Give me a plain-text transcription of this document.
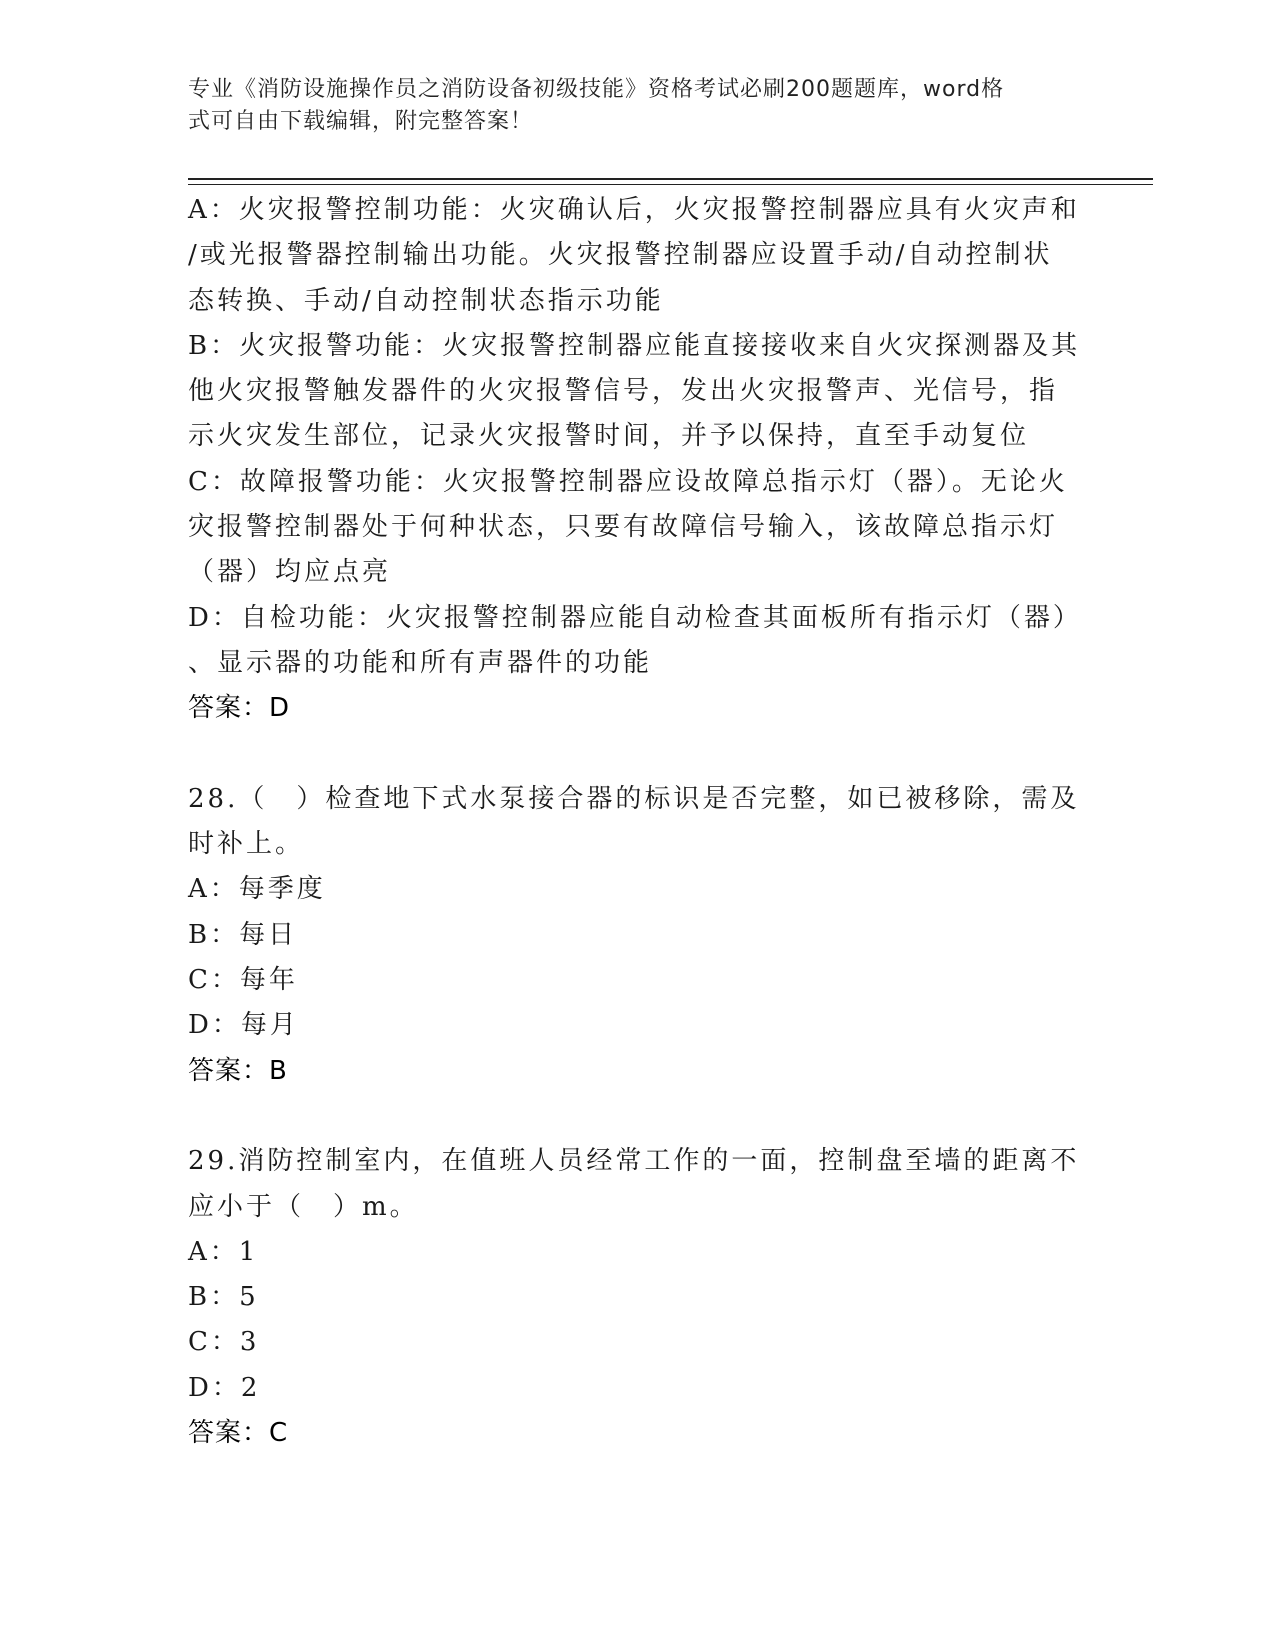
专业《消防设施操作员之消防设备初级技能》资格考试必刷200题题库，word格
式可自由下载编辑，附完整答案！
A：火灾报警控制功能：火灾确认后，火灾报警控制器应具有火灾声和
/或光报警器控制输出功能。火灾报警控制器应设置手动/自动控制状
态转换、手动/自动控制状态指示功能
B：火灾报警功能：火灾报警控制器应能直接接收来自火灾探测器及其
他火灾报警触发器件的火灾报警信号，发出火灾报警声、光信号，指
示火灾发生部位，记录火灾报警时间，并予以保持，直至手动复位
C：故障报警功能：火灾报警控制器应设故障总指示灯（器）。无论火
灾报警控制器处于何种状态，只要有故障信号输入，该故障总指示灯
（器）均应点亮
D：自检功能：火灾报警控制器应能自动检查其面板所有指示灯（器）
、显示器的功能和所有声器件的功能
答案：D
28.（　）检查地下式水泵接合器的标识是否完整，如已被移除，需及
时补上。
A：每季度
B：每日
C：每年
D：每月
答案：B
29.消防控制室内，在值班人员经常工作的一面，控制盘至墙的距离不
应小于（　）m。
A：1
B：5
C：3
D：2
答案：C
